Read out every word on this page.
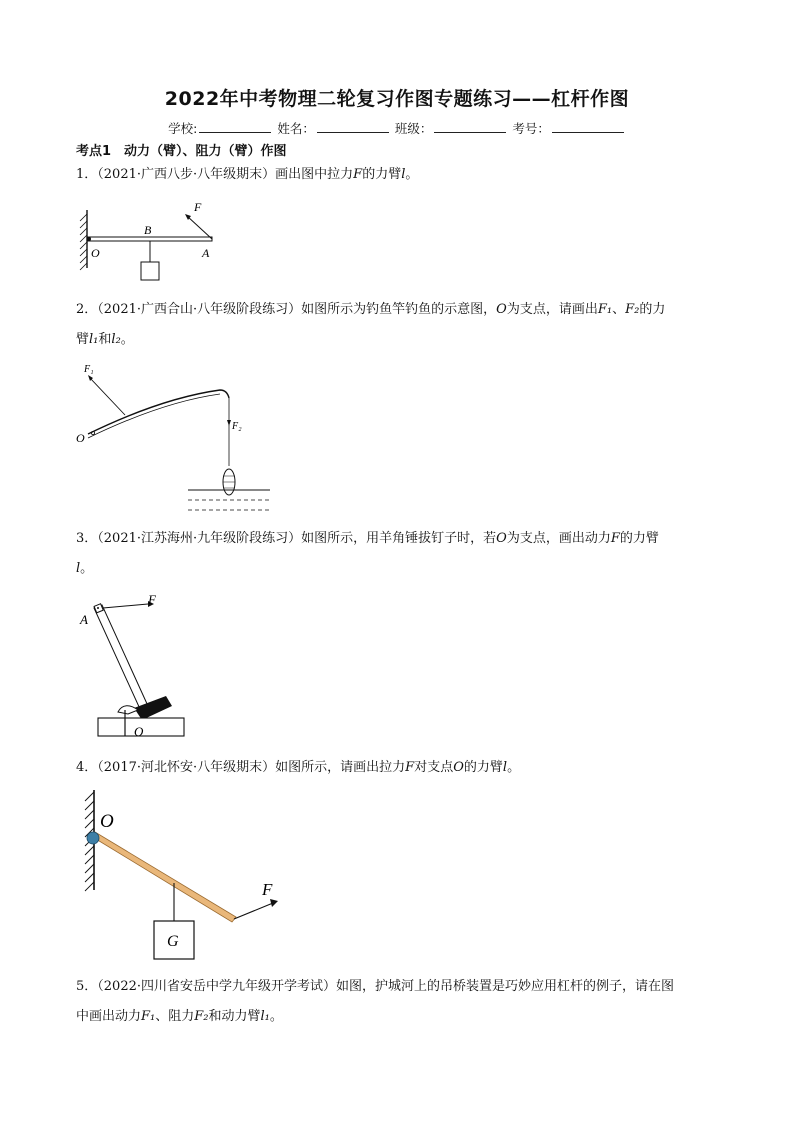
2022年中考物理二轮复习作图专题练习——杠杆作图
学校:	姓名：	班级：	考号：
考点1　动力（臂）、阻力（臂）作图
1．（2021·广西八步·八年级期末）画出图中拉力F的力臂l。
O
B
A
F
2．（2021·广西合山·八年级阶段练习）如图所示为钓鱼竿钓鱼的示意图，O为支点，请画出F₁、F₂的力
臂l₁和l₂。
F₁
O
F₂
3．（2021·江苏海州·九年级阶段练习）如图所示，用羊角锤拔钉子时，若O为支点，画出动力F的力臂
l。
F
A
O
4．（2017·河北怀安·八年级期末）如图所示，请画出拉力F对支点O的力臂l。
O
F
G
5．（2022·四川省安岳中学九年级开学考试）如图，护城河上的吊桥装置是巧妙应用杠杆的例子，请在图
中画出动力F₁、阻力F₂和动力臂l₁。
